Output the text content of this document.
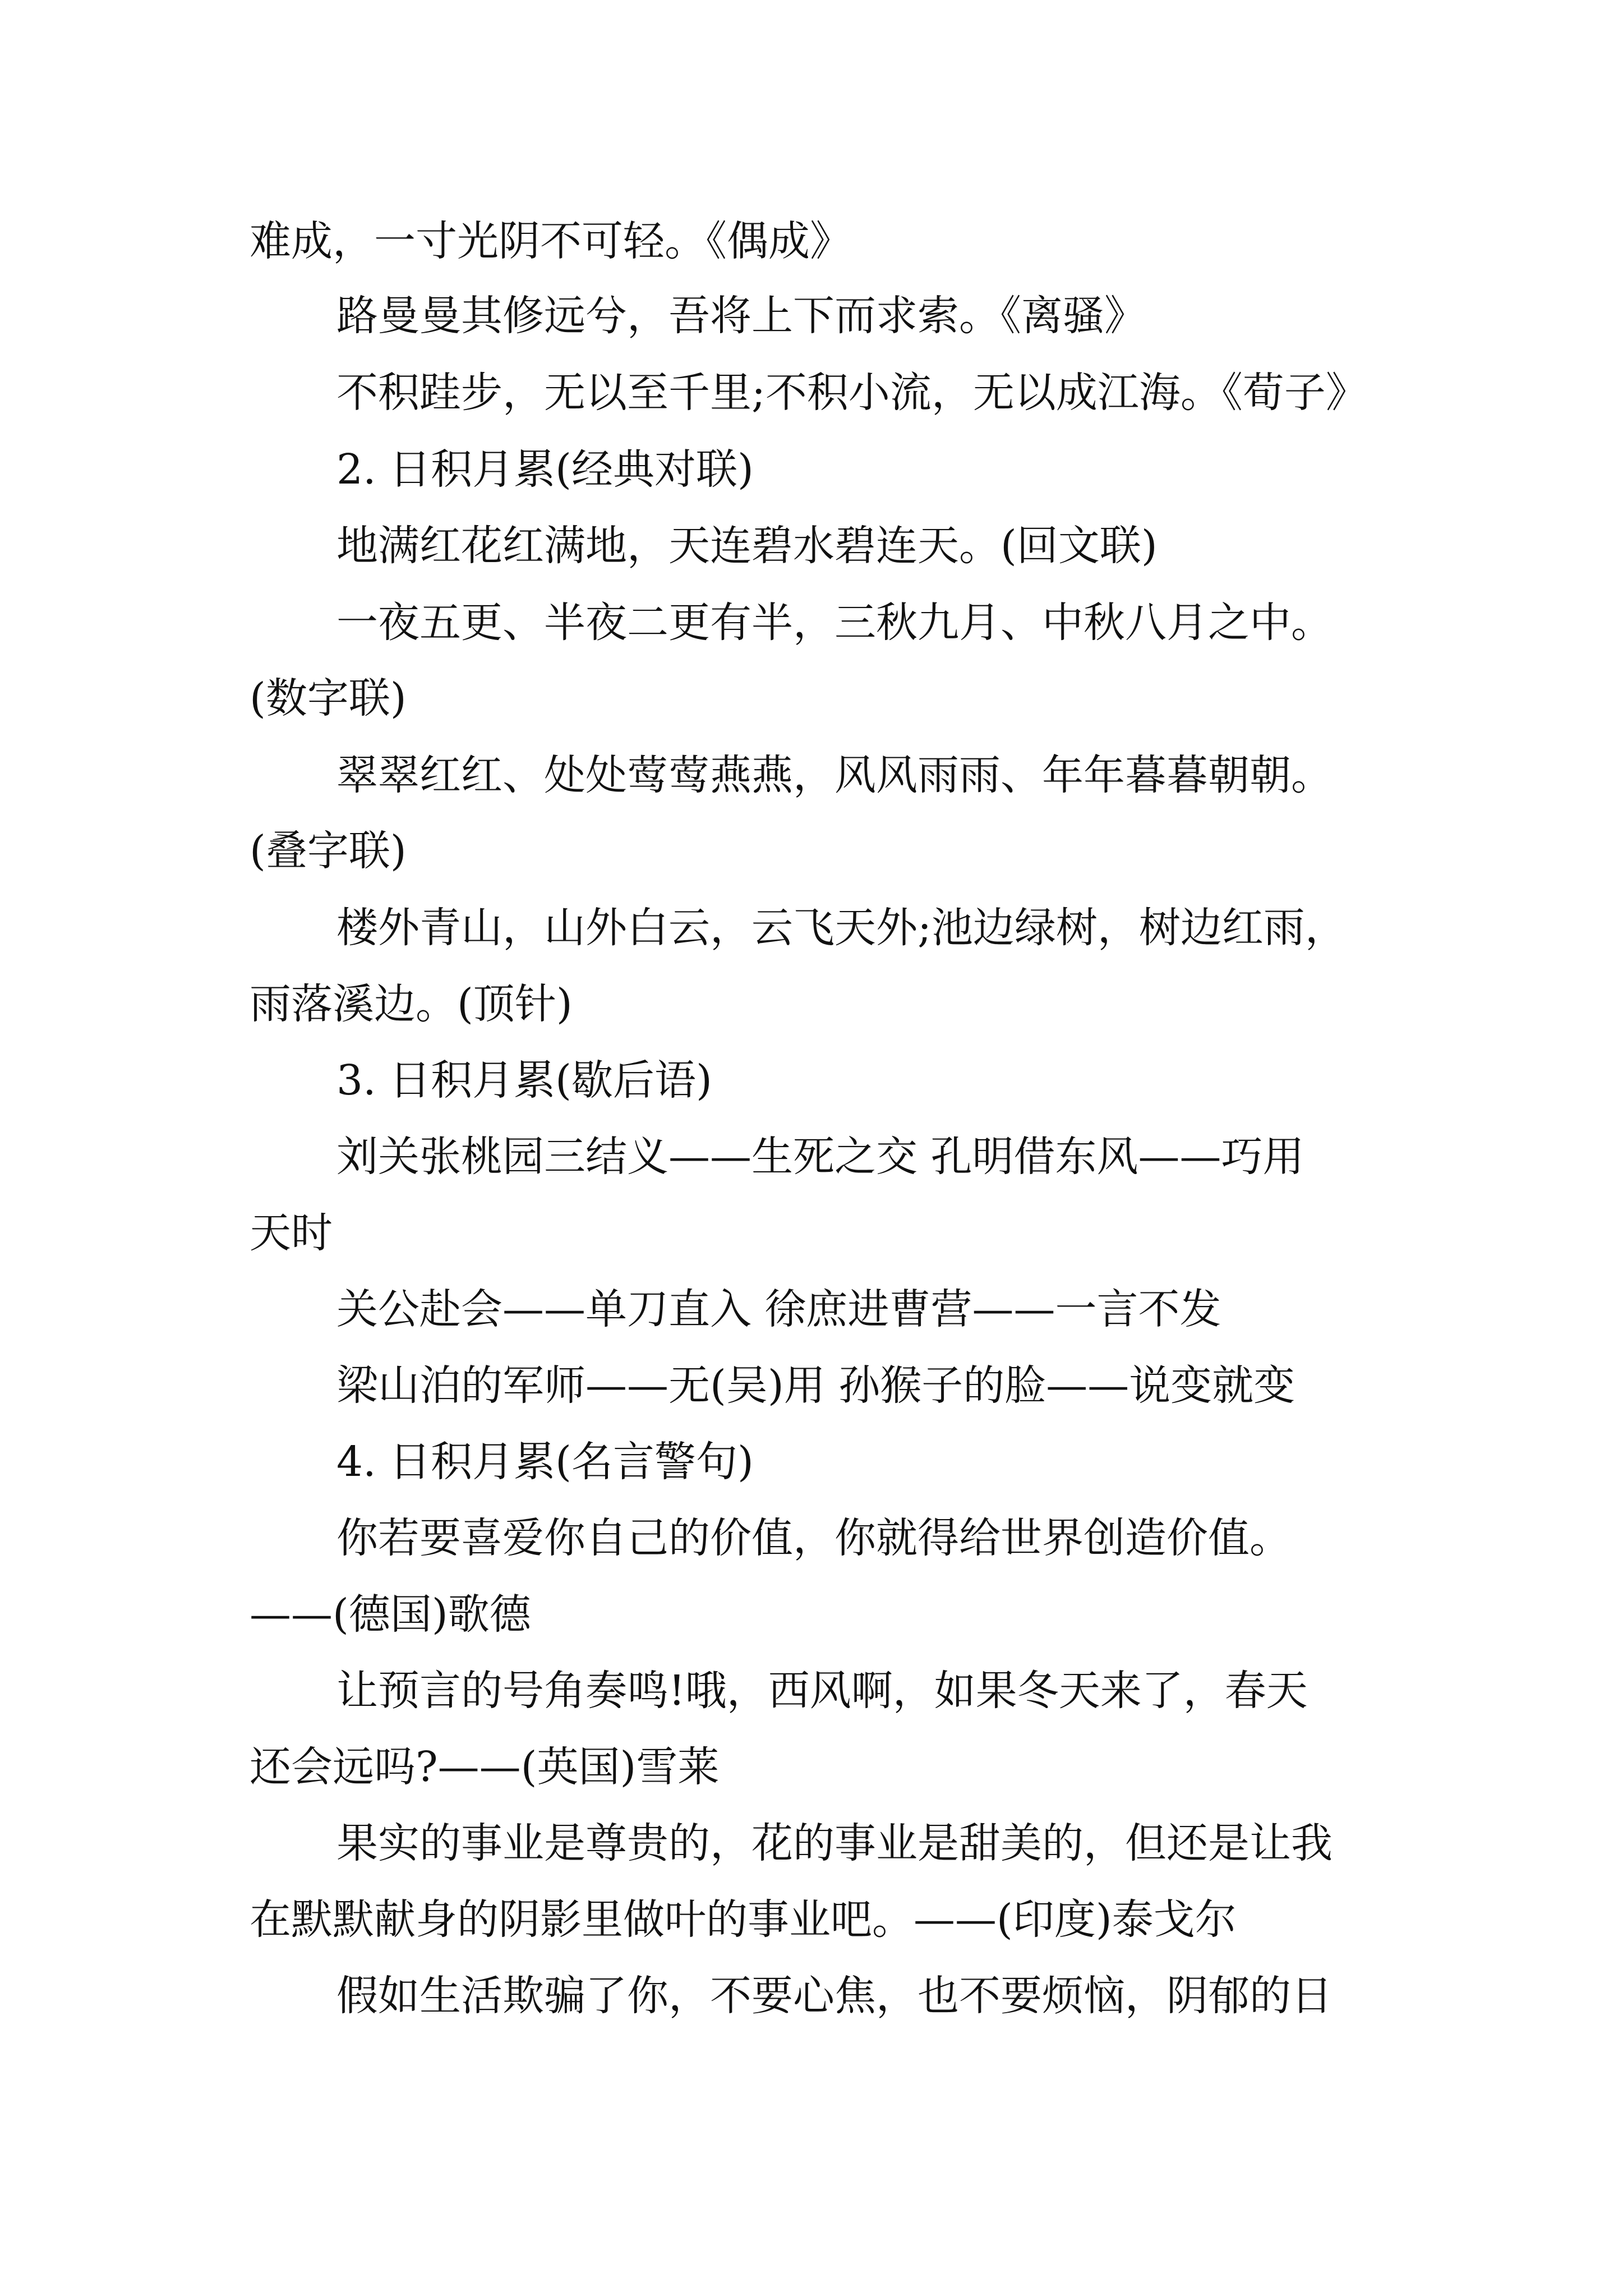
难成，一寸光阴不可轻。《偶成》
路曼曼其修远兮，吾将上下而求索。《离骚》
不积跬步，无以至千里;不积小流，无以成江海。《荀子》
2. 日积月累(经典对联)
地满红花红满地，天连碧水碧连天。(回文联)
一夜五更、半夜二更有半，三秋九月、中秋八月之中。
(数字联)
翠翠红红、处处莺莺燕燕，风风雨雨、年年暮暮朝朝。
(叠字联)
楼外青山，山外白云，云飞天外;池边绿树，树边红雨，
雨落溪边。(顶针)
3. 日积月累(歇后语)
刘关张桃园三结义——生死之交 孔明借东风——巧用
天时
关公赴会——单刀直入 徐庶进曹营——一言不发
梁山泊的军师——无(吴)用 孙猴子的脸——说变就变
4. 日积月累(名言警句)
你若要喜爱你自己的价值，你就得给世界创造价值。
——(德国)歌德
让预言的号角奏鸣!哦，西风啊，如果冬天来了，春天
还会远吗?——(英国)雪莱
果实的事业是尊贵的，花的事业是甜美的，但还是让我
在默默献身的阴影里做叶的事业吧。——(印度)泰戈尔
假如生活欺骗了你，不要心焦，也不要烦恼，阴郁的日
